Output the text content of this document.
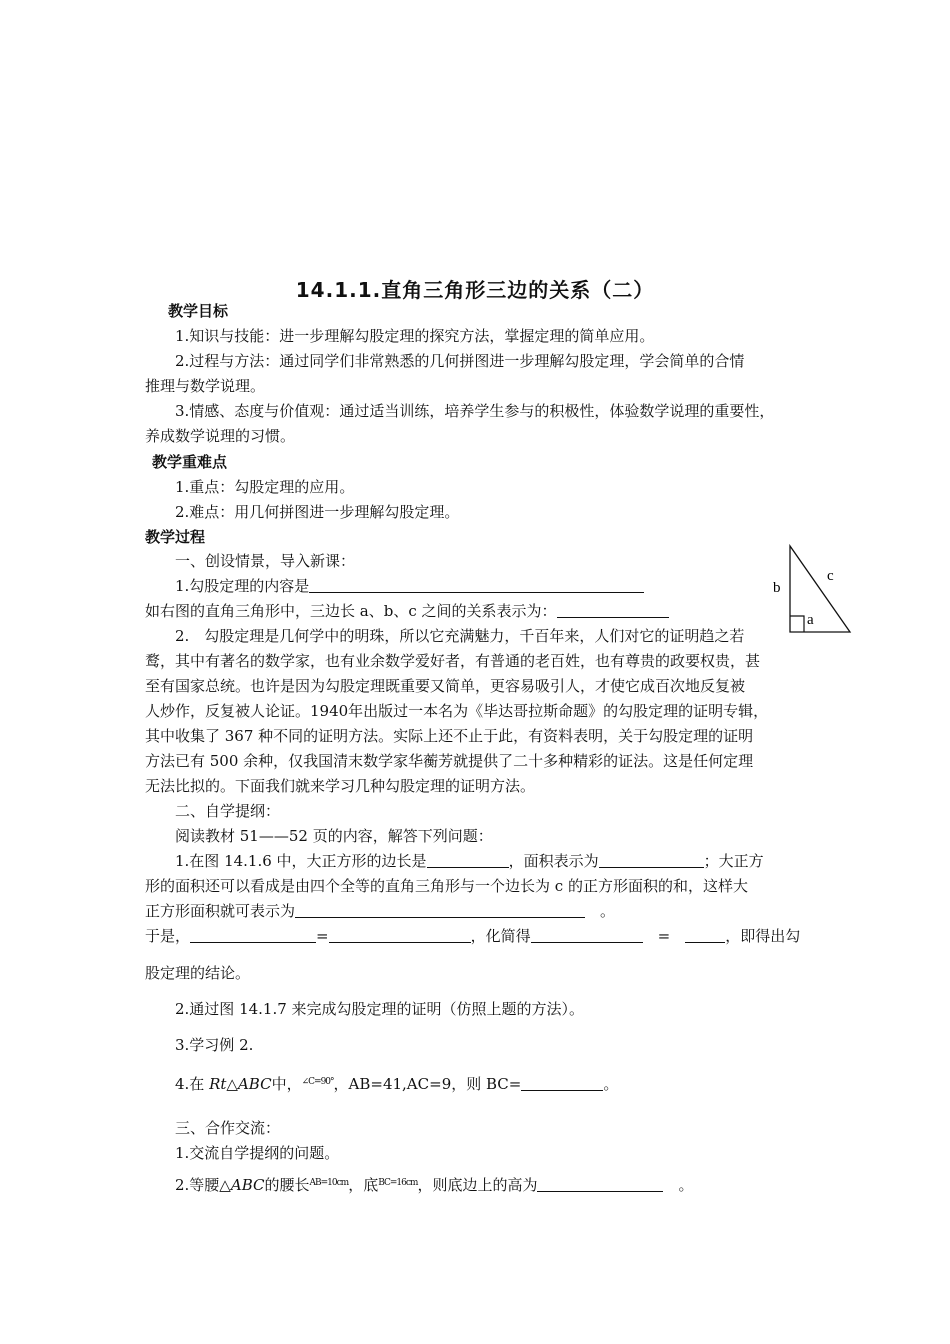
14.1.1.直角三角形三边的关系（二）
教学目标
1.知识与技能：进一步理解勾股定理的探究方法，掌握定理的简单应用。
2.过程与方法：通过同学们非常熟悉的几何拼图进一步理解勾股定理，学会简单的合情
推理与数学说理。
3.情感、态度与价值观：通过适当训练，培养学生参与的积极性，体验数学说理的重要性，
养成数学说理的习惯。
教学重难点
1.重点：勾股定理的应用。
2.难点：用几何拼图进一步理解勾股定理。
教学过程
一、创设情景，导入新课：
1.勾股定理的内容是
如右图的直角三角形中，三边长 a、b、c 之间的关系表示为：
b
c
a
2.　勾股定理是几何学中的明珠，所以它充满魅力，千百年来，人们对它的证明趋之若
鹜，其中有著名的数学家，也有业余数学爱好者，有普通的老百姓，也有尊贵的政要权贵，甚
至有国家总统。也许是因为勾股定理既重要又简单，更容易吸引人，才使它成百次地反复被
人炒作，反复被人论证。1940年出版过一本名为《毕达哥拉斯命题》的勾股定理的证明专辑，
其中收集了 367 种不同的证明方法。实际上还不止于此，有资料表明，关于勾股定理的证明
方法已有 500 余种，仅我国清末数学家华蘅芳就提供了二十多种精彩的证法。这是任何定理
无法比拟的。下面我们就来学习几种勾股定理的证明方法。
二、自学提纲：
阅读教材 51——52 页的内容，解答下列问题：
1.在图 14.1.6 中，大正方形的边长是	，面积表示为	；大正方
形的面积还可以看成是由四个全等的直角三角形与一个边长为 c 的正方形面积的和，这样大
正方形面积就可表示为　	。
于是，	=	，化简得　	=　	，即得出勾
股定理的结论。
2.通过图 14.1.7 来完成勾股定理的证明（仿照上题的方法）。
3.学习例 2.
4.在 Rt△ABC中，$^{\angle C=90^\circ}$，AB=41,AC=9，则 BC=	。
三、合作交流：
1.交流自学提纲的问题。
2.等腰△ABC的腰长$^{AB=10cm}$，底$^{BC=16cm}$，则底边上的高为　	。
